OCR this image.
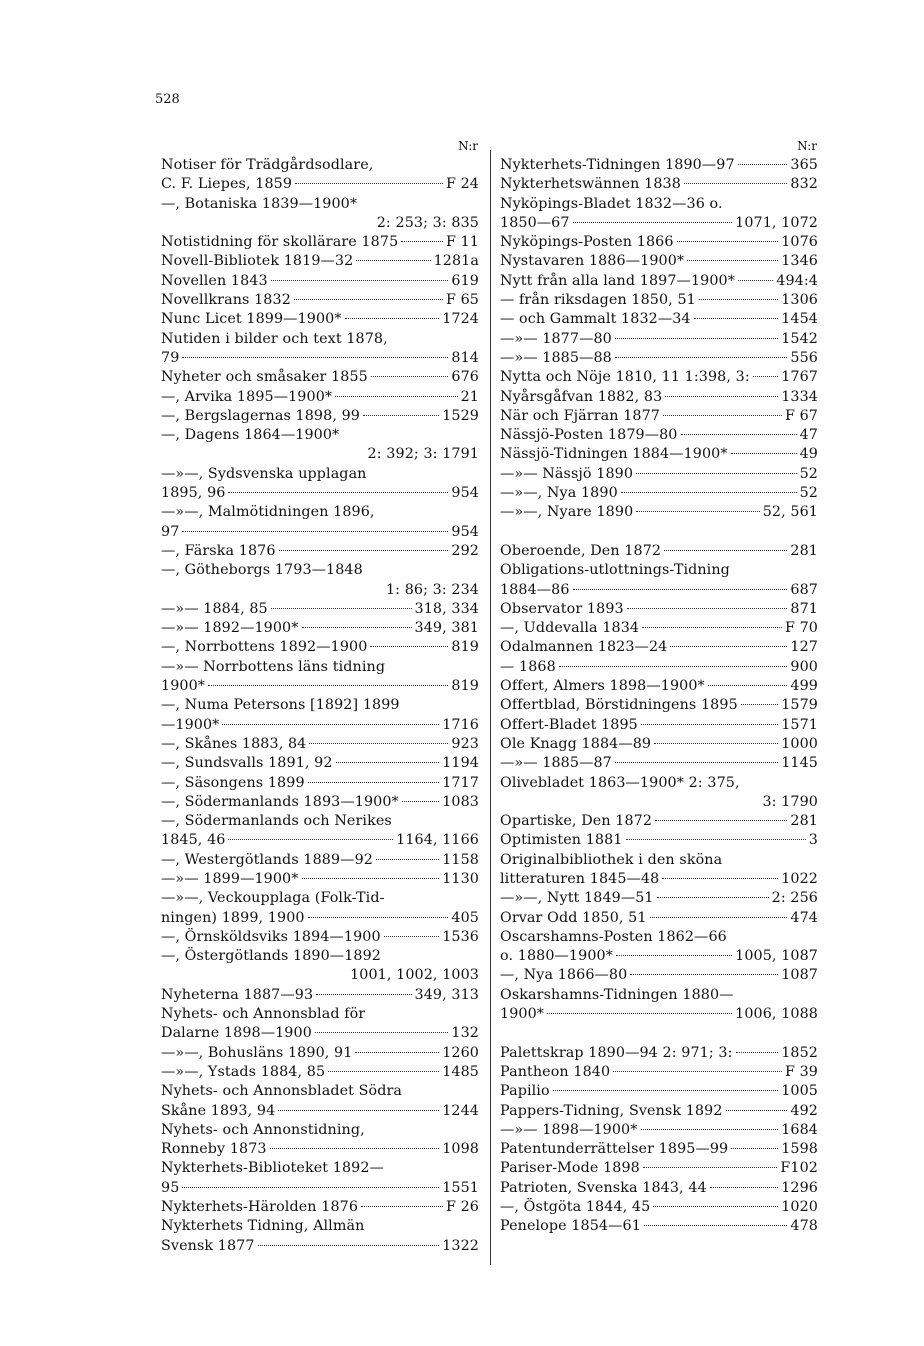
528
N:r
Notiser för Trädgårdsodlare,
C. F. Liepes, 1859	F 24
—, Botaniska 1839—1900*
2: 253; 3: 835
Notistidning för skollärare 1875	F 11
Novell-Bibliotek 1819—32	1281a
Novellen 1843	619
Novellkrans 1832	F 65
Nunc Licet 1899—1900*	1724
Nutiden i bilder och text 1878,
79	814
Nyheter och småsaker 1855	676
—, Arvika 1895—1900*	21
—, Bergslagernas 1898, 99	1529
—, Dagens 1864—1900*
2: 392; 3: 1791
—»—, Sydsvenska upplagan
1895, 96	954
—»—, Malmötidningen 1896,
97	954
—, Färska 1876	292
—, Götheborgs 1793—1848
1: 86; 3: 234
—»— 1884, 85	318, 334
—»— 1892—1900*	349, 381
—, Norrbottens 1892—1900	819
—»— Norrbottens läns tidning
1900*	819
—, Numa Petersons [1892] 1899
—1900*	1716
—, Skånes 1883, 84	923
—, Sundsvalls 1891, 92	1194
—, Säsongens 1899	1717
—, Södermanlands 1893—1900*	1083
—, Södermanlands och Nerikes
1845, 46	1164, 1166
—, Westergötlands 1889—92	1158
—»— 1899—1900*	1130
—»—, Veckoupplaga (Folk-Tid-
ningen) 1899, 1900	405
—, Örnsköldsviks 1894—1900	1536
—, Östergötlands 1890—1892
1001, 1002, 1003
Nyheterna 1887—93	349, 313
Nyhets- och Annonsblad för
Dalarne 1898—1900	132
—»—, Bohusläns 1890, 91	1260
—»—, Ystads 1884, 85	1485
Nyhets- och Annonsbladet Södra
Skåne 1893, 94	1244
Nyhets- och Annonstidning,
Ronneby 1873	1098
Nykterhets-Biblioteket 1892—
95	1551
Nykterhets-Härolden 1876	F 26
Nykterhets Tidning, Allmän
Svensk 1877	1322
N:r
Nykterhets-Tidningen 1890—97	365
Nykterhetswännen 1838	832
Nyköpings-Bladet 1832—36 o.
1850—67	1071, 1072
Nyköpings-Posten 1866	1076
Nystavaren 1886—1900*	1346
Nytt från alla land 1897—1900*	494:4
— från riksdagen 1850, 51	1306
— och Gammalt 1832—34	1454
—»— 1877—80	1542
—»— 1885—88	556
Nytta och Nöje 1810, 11 1:398, 3: 1767
Nyårsgåfvan 1882, 83	1334
När och Fjärran 1877	F 67
Nässjö-Posten 1879—80	47
Nässjö-Tidningen 1884—1900*	49
—»— Nässjö 1890	52
—»—, Nya 1890	52
—»—, Nyare 1890	52, 561
Oberoende, Den 1872	281
Obligations-utlottnings-Tidning
1884—86	687
Observator 1893	871
—, Uddevalla 1834	F 70
Odalmannen 1823—24	127
— 1868	900
Offert, Almers 1898—1900*	499
Offertblad, Börstidningens 1895	1579
Offert-Bladet 1895	1571
Ole Knagg 1884—89	1000
—»— 1885—87	1145
Olivebladet 1863—1900* 2: 375,
3: 1790
Opartiske, Den 1872	281
Optimisten 1881	3
Originalbibliothek i den sköna
litteraturen 1845—48	1022
—»—, Nytt 1849—51	2: 256
Orvar Odd 1850, 51	474
Oscarshamns-Posten 1862—66
o. 1880—1900*	1005, 1087
—, Nya 1866—80	1087
Oskarshamns-Tidningen 1880—
1900*	1006, 1088
Palettskrap 1890—94 2: 971; 3:	1852
Pantheon 1840	F 39
Papilio	1005
Pappers-Tidning, Svensk 1892	492
—»— 1898—1900*	1684
Patentunderrättelser 1895—99	1598
Pariser-Mode 1898	F102
Patrioten, Svenska 1843, 44	1296
—, Östgöta 1844, 45	1020
Penelope 1854—61	478
